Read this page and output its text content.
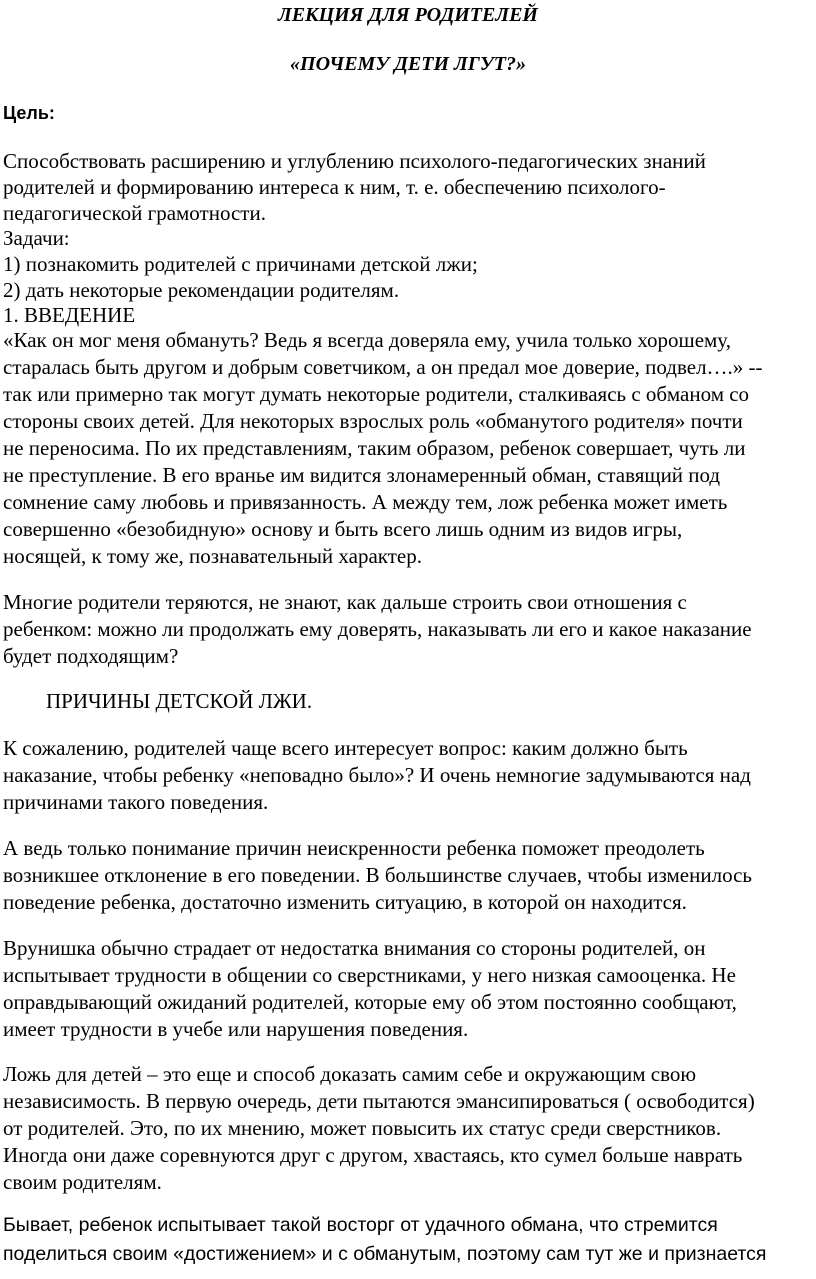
ЛЕКЦИЯ ДЛЯ РОДИТЕЛЕЙ
«ПОЧЕМУ ДЕТИ ЛГУТ?»
Цель:
Способствовать расширению и углублению психолого-педагогических знаний
родителей и формированию интереса к ним, т. е. обеспечению психолого-
педагогической грамотности.
Задачи:
1) познакомить родителей с причинами детской лжи;
2) дать некоторые рекомендации родителям.
1. ВВЕДЕНИЕ
«Как он мог меня обмануть? Ведь я всегда доверяла ему, учила только хорошему,
старалась быть другом и добрым советчиком, а он предал мое доверие, подвел….» --
так или примерно так могут думать некоторые родители, сталкиваясь с обманом со
стороны своих детей. Для некоторых взрослых роль «обманутого родителя» почти
не переносима. По их представлениям, таким образом, ребенок совершает, чуть ли
не преступление. В его вранье им видится злонамеренный обман, ставящий под
сомнение саму любовь и привязанность. А между тем, лож ребенка может иметь
совершенно «безобидную» основу и быть всего лишь одним из видов игры,
носящей, к тому же, познавательный характер.
Многие родители теряются, не знают, как дальше строить свои отношения с
ребенком: можно ли продолжать ему доверять, наказывать ли его и какое наказание
будет подходящим?
ПРИЧИНЫ ДЕТСКОЙ ЛЖИ.
К сожалению, родителей чаще всего интересует вопрос: каким должно быть
наказание, чтобы ребенку «неповадно было»? И очень немногие задумываются над
причинами такого поведения.
А ведь только понимание причин неискренности ребенка поможет преодолеть
возникшее отклонение в его поведении. В большинстве случаев, чтобы изменилось
поведение ребенка, достаточно изменить ситуацию, в которой он находится.
Врунишка обычно страдает от недостатка внимания со стороны родителей, он
испытывает трудности в общении со сверстниками, у него низкая самооценка. Не
оправдывающий ожиданий родителей, которые ему об этом постоянно сообщают,
имеет трудности в учебе или нарушения поведения.
Ложь для детей – это еще и способ доказать самим себе и окружающим свою
независимость. В первую очередь, дети пытаются эмансипироваться ( освободится)
от родителей. Это, по их мнению, может повысить их статус среди сверстников.
Иногда они даже соревнуются друг с другом, хвастаясь, кто сумел больше наврать
своим родителям.
Бывает, ребенок испытывает такой восторг от удачного обмана, что стремится
поделиться своим «достижением» и с обманутым, поэтому сам тут же и признается
